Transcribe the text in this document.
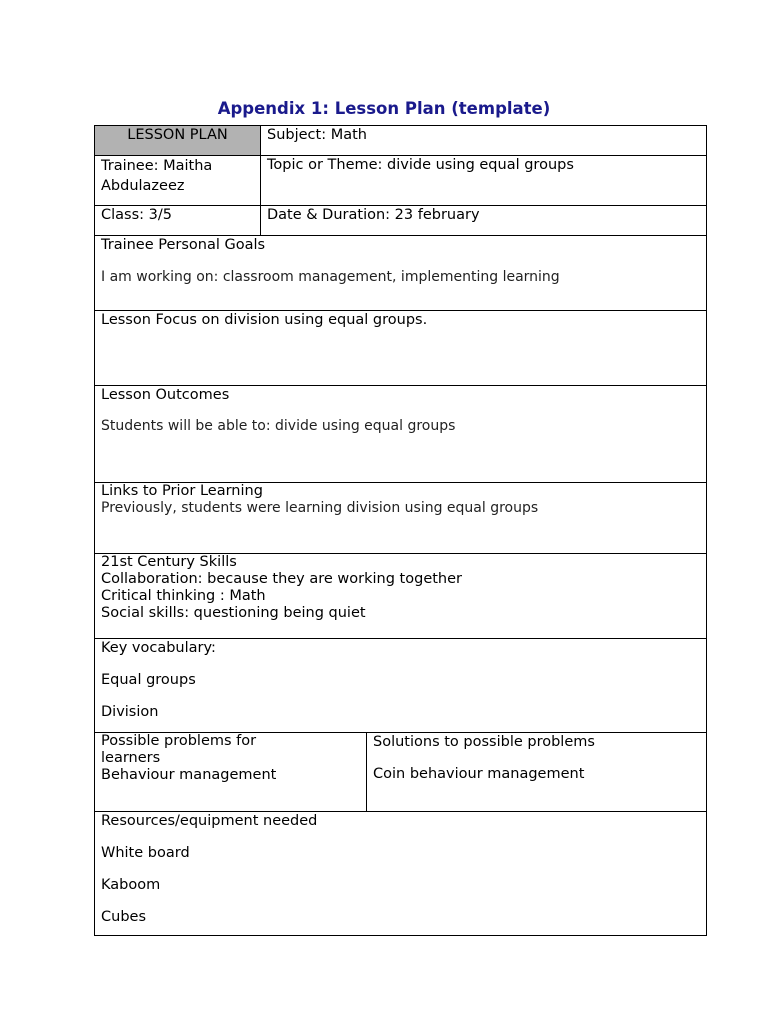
Appendix 1: Lesson Plan (template)
LESSON PLAN	Subject: Math
Trainee: Maitha
Abdulazeez
Topic or Theme: divide using equal groups
Class: 3/5	Date & Duration: 23 february
Trainee Personal Goals
I am working on: classroom management, implementing learning
Lesson Focus on division using equal groups.
Lesson Outcomes
Students will be able to: divide using equal groups
Links to Prior Learning
Previously, students were learning division using equal groups
21st Century Skills
Collaboration: because they are working together
Critical thinking : Math
Social skills: questioning being quiet
Key vocabulary:
Equal groups
Division
Possible problems for
learners
Behaviour management
Solutions to possible problems
Coin behaviour management
Resources/equipment needed
White board
Kaboom
Cubes
